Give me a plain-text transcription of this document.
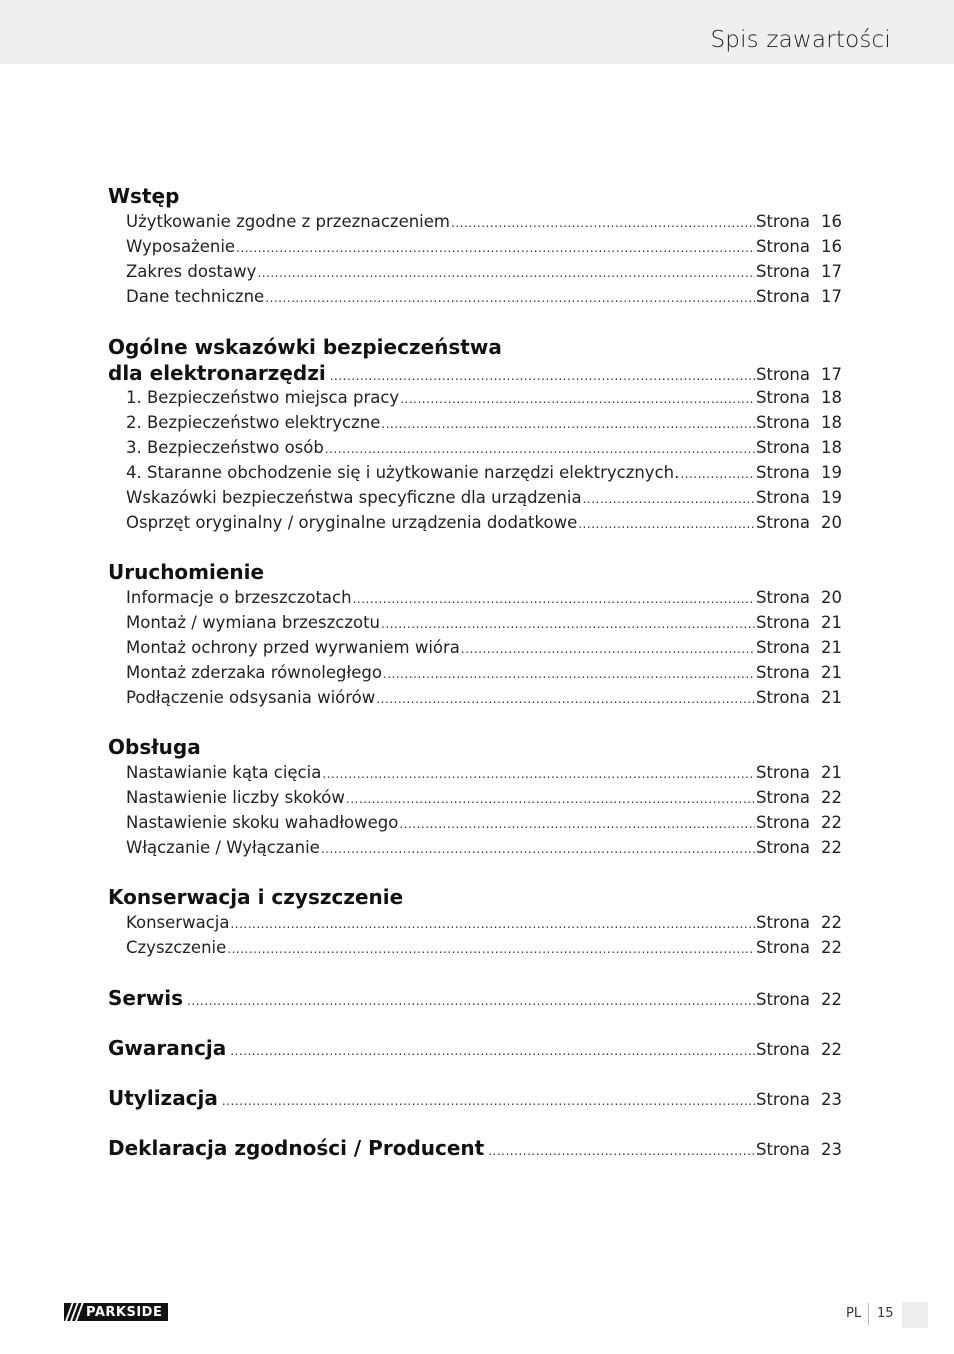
Spis zawartości
Wstęp
Użytkowanie zgodne z przeznaczeniem .....	Strona 16
Wyposażenie .....	Strona 16
Zakres dostawy .....	Strona 17
Dane techniczne .....	Strona 17
Ogólne wskazówki bezpieczeństwa
dla elektronarzędzi .....	Strona 17
1. Bezpieczeństwo miejsca pracy .....	Strona 18
2. Bezpieczeństwo elektryczne .....	Strona 18
3. Bezpieczeństwo osób .....	Strona 18
4. Staranne obchodzenie się i użytkowanie narzędzi elektrycznych. .....	Strona 19
Wskazówki bezpieczeństwa specyficzne dla urządzenia .....	Strona 19
Osprzęt oryginalny / oryginalne urządzenia dodatkowe .....	Strona 20
Uruchomienie
Informacje o brzeszczotach .....	Strona 20
Montaż / wymiana brzeszczotu .....	Strona 21
Montaż ochrony przed wyrwaniem wióra .....	Strona 21
Montaż zderzaka równoległego .....	Strona 21
Podłączenie odsysania wiórów .....	Strona 21
Obsługa
Nastawianie kąta cięcia .....	Strona 21
Nastawienie liczby skoków .....	Strona 22
Nastawienie skoku wahadłowego .....	Strona 22
Włączanie / Wyłączanie .....	Strona 22
Konserwacja i czyszczenie
Konserwacja .....	Strona 22
Czyszczenie .....	Strona 22
Serwis .....	Strona 22
Gwarancja .....	Strona 22
Utylizacja .....	Strona 23
Deklaracja zgodności / Producent .....	Strona 23
PARKSIDE	PL 15
